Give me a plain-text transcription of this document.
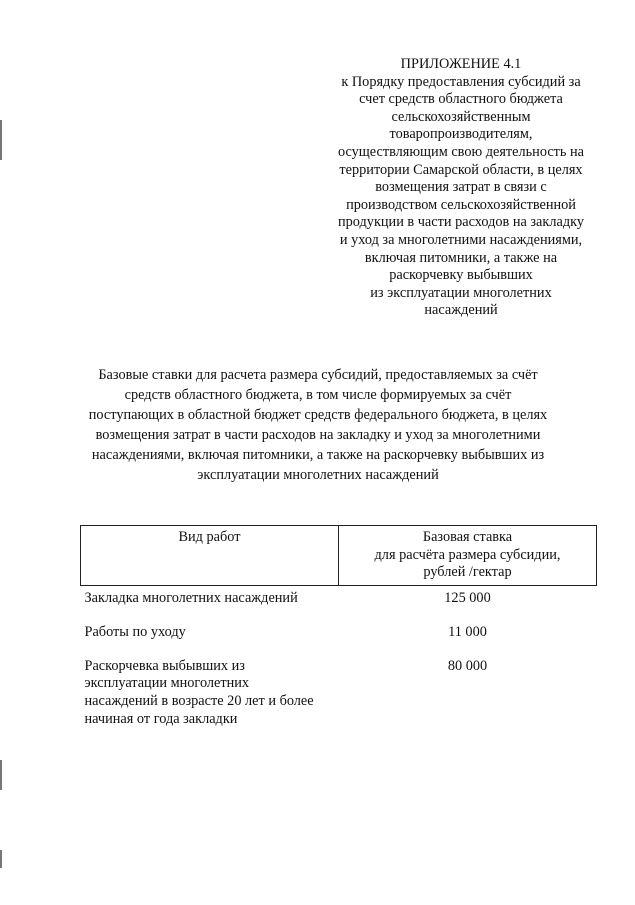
ПРИЛОЖЕНИЕ 4.1
к Порядку предоставления субсидий за
счет средств областного бюджета
сельскохозяйственным
товаропроизводителям,
осуществляющим свою деятельность на
территории Самарской области, в целях
возмещения затрат в связи с
производством сельскохозяйственной
продукции в части расходов на закладку
и уход за многолетними насаждениями,
включая питомники, а также на
раскорчевку выбывших
из эксплуатации многолетних
насаждений
Базовые ставки для расчета размера субсидий, предоставляемых за счёт
средств областного бюджета, в том числе формируемых за счёт
поступающих в областной бюджет средств федерального бюджета, в целях
возмещения затрат в части расходов на закладку и уход за многолетними
насаждениями, включая питомники, а также на раскорчевку выбывших из
эксплуатации многолетних насаждений
Вид работ	Базовая ставка
для расчёта размера субсидии,
рублей /гектар

Закладка многолетних насаждений	125 000

Работы по уходу	11 000

Раскорчевка выбывших из
эксплуатации многолетних
насаждений в возрасте 20 лет и более
начиная от года закладки	80 000
